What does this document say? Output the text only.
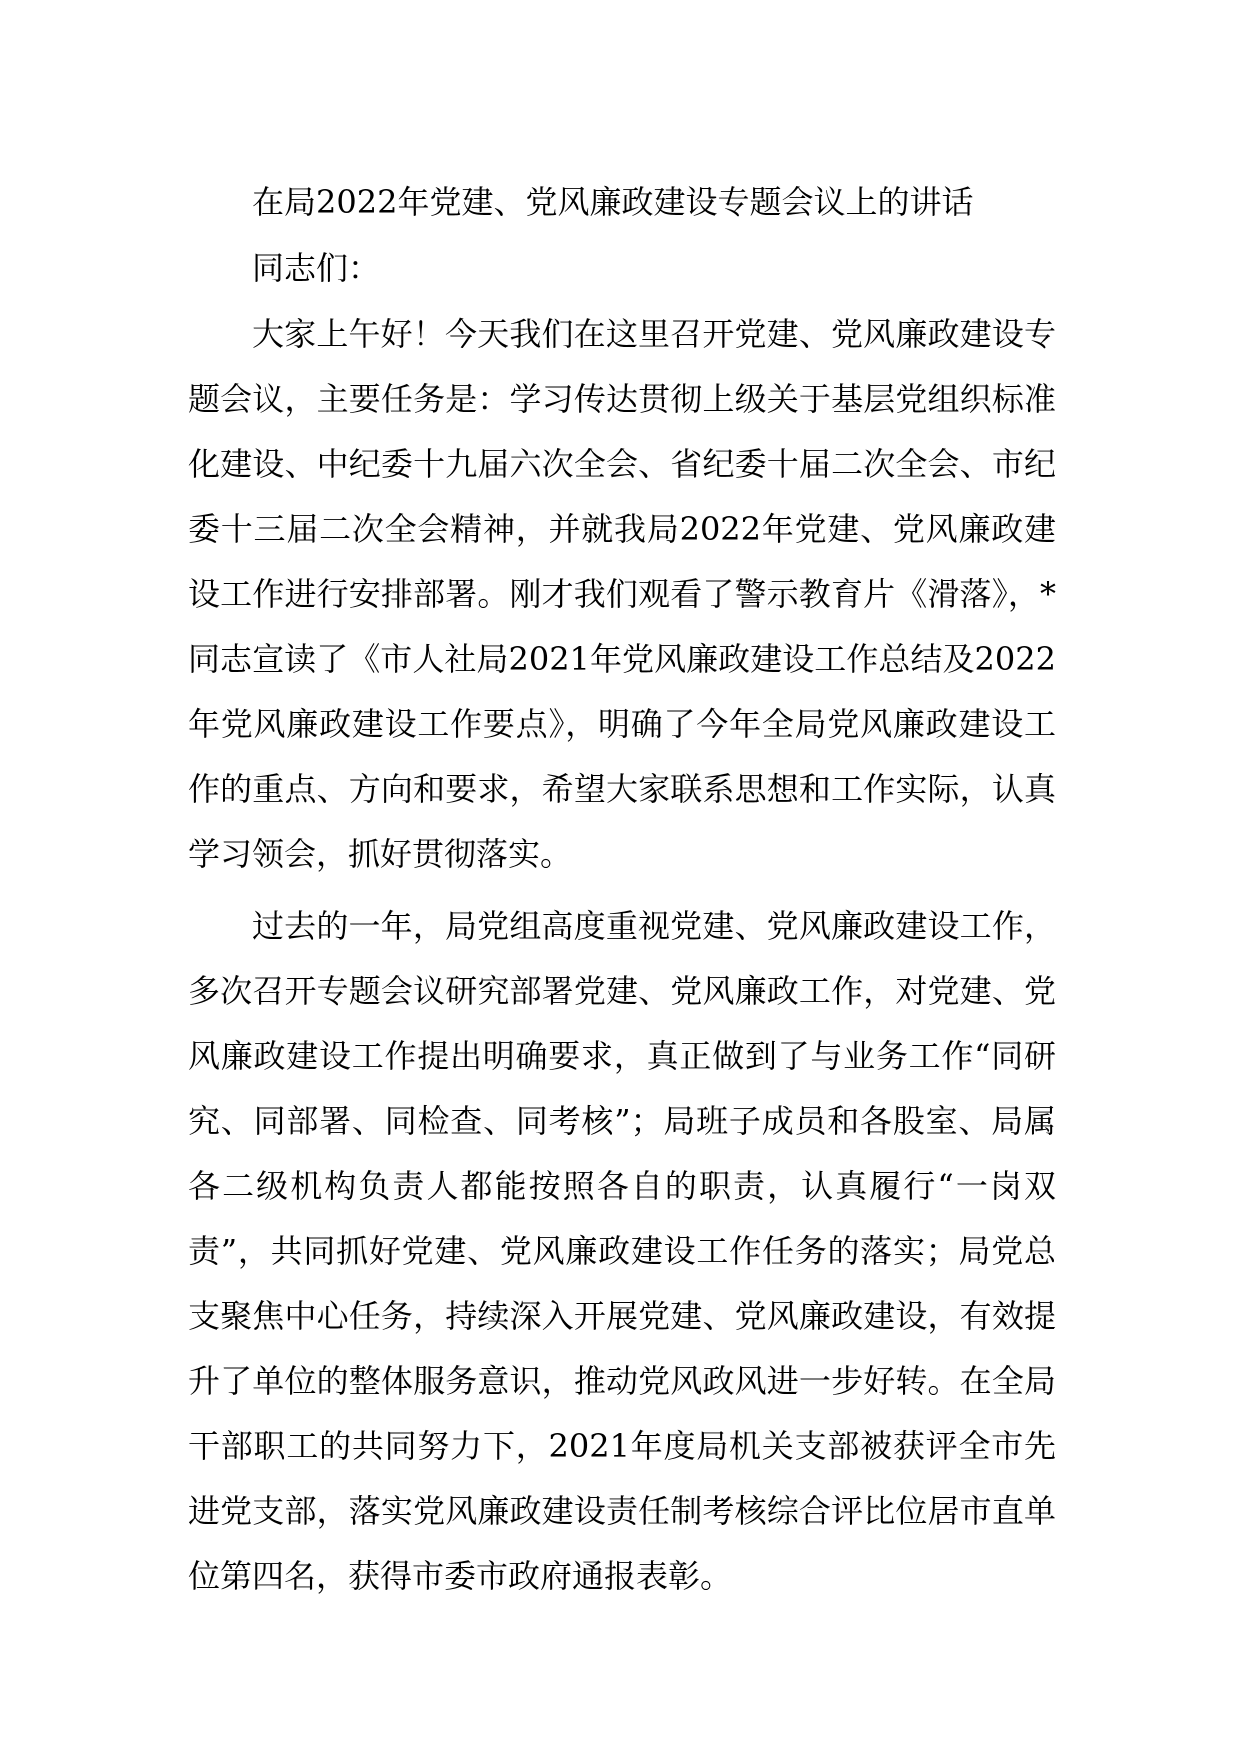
在局2022年党建、党风廉政建设专题会议上的讲话

同志们：

大家上午好！今天我们在这里召开党建、党风廉政建设专题会议，主要任务是：学习传达贯彻上级关于基层党组织标准化建设、中纪委十九届六次全会、省纪委十届二次全会、市纪委十三届二次全会精神，并就我局2022年党建、党风廉政建设工作进行安排部署。刚才我们观看了警示教育片《滑落》，*同志宣读了《市人社局2021年党风廉政建设工作总结及2022年党风廉政建设工作要点》，明确了今年全局党风廉政建设工作的重点、方向和要求，希望大家联系思想和工作实际，认真学习领会，抓好贯彻落实。

过去的一年，局党组高度重视党建、党风廉政建设工作，多次召开专题会议研究部署党建、党风廉政工作，对党建、党风廉政建设工作提出明确要求，真正做到了与业务工作“同研究、同部署、同检查、同考核”；局班子成员和各股室、局属各二级机构负责人都能按照各自的职责，认真履行“一岗双责”，共同抓好党建、党风廉政建设工作任务的落实；局党总支聚焦中心任务，持续深入开展党建、党风廉政建设，有效提升了单位的整体服务意识，推动党风政风进一步好转。在全局干部职工的共同努力下，2021年度局机关支部被获评全市先进党支部，落实党风廉政建设责任制考核综合评比位居市直单位第四名，获得市委市政府通报表彰。
